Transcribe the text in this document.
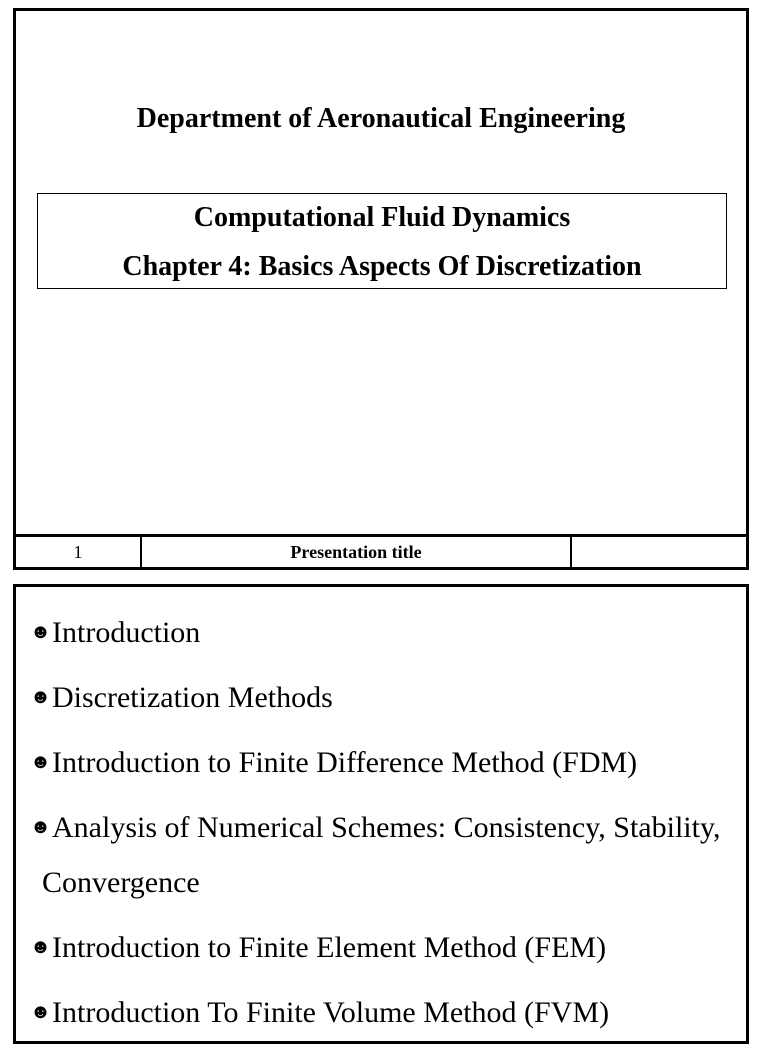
Department of Aeronautical Engineering
Computational Fluid Dynamics
Chapter 4: Basics Aspects Of Discretization
1	Presentation title
☻ Introduction
☻ Discretization Methods
☻ Introduction to Finite Difference Method (FDM)
☻ Analysis of Numerical Schemes: Consistency, Stability,
Convergence
☻ Introduction to Finite Element Method (FEM)
☻ Introduction To Finite Volume Method (FVM)
